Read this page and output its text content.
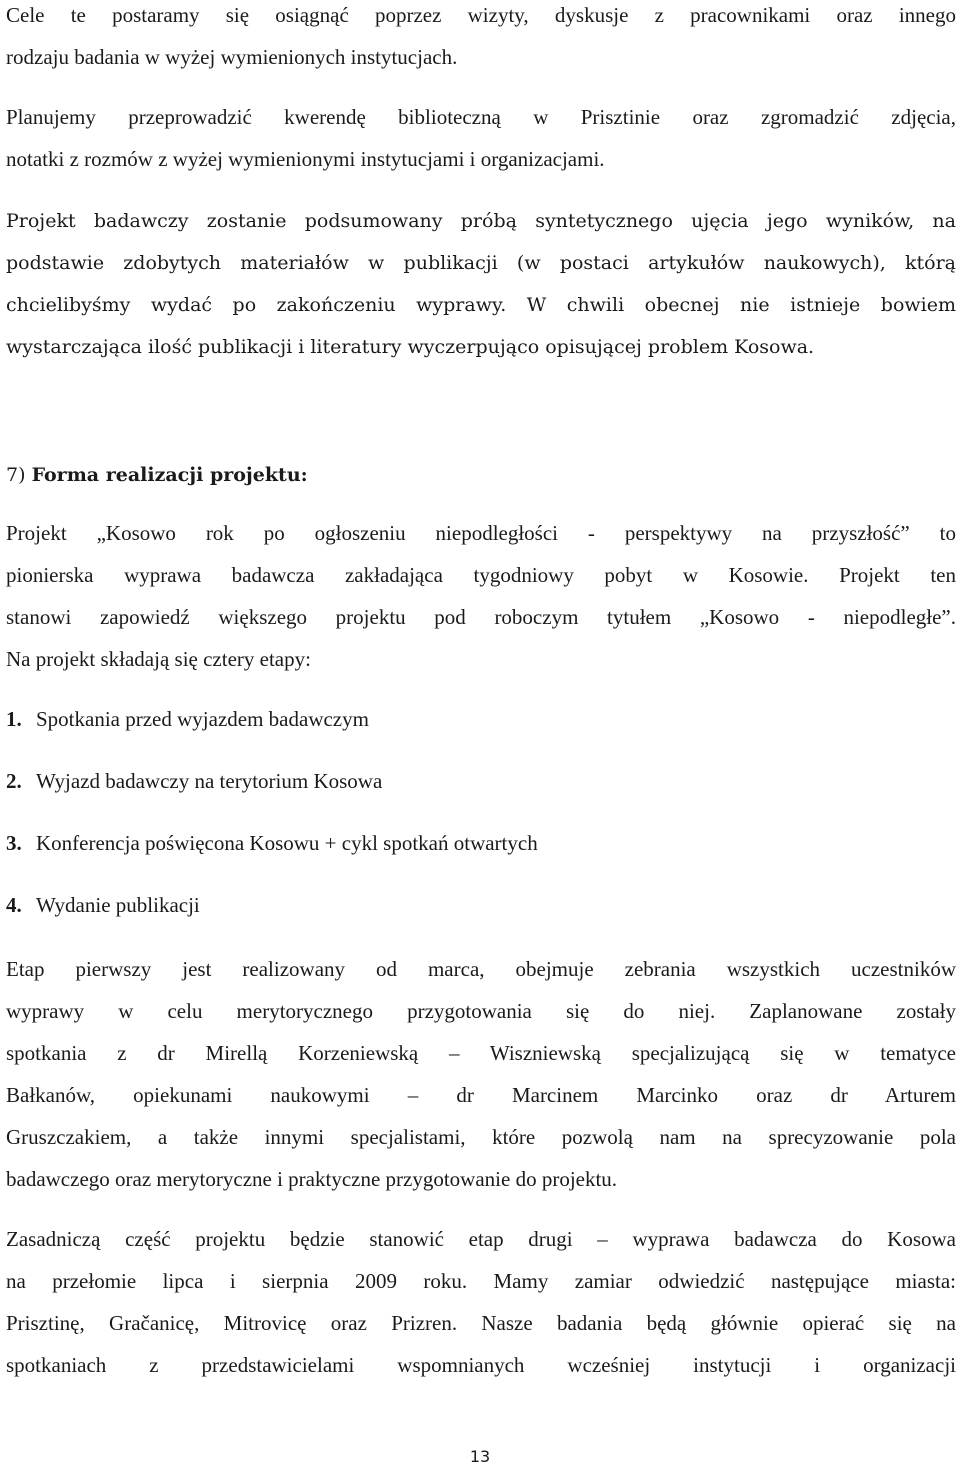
Cele te postaramy się osiągnąć poprzez wizyty, dyskusje z pracownikami oraz innego
rodzaju badania w wyżej wymienionych instytucjach.
Planujemy przeprowadzić kwerendę biblioteczną w Prisztinie oraz zgromadzić zdjęcia,
notatki z rozmów z wyżej wymienionymi instytucjami i organizacjami.
Projekt badawczy zostanie podsumowany próbą syntetycznego ujęcia jego wyników, na
podstawie zdobytych materiałów w publikacji (w postaci artykułów naukowych), którą
chcielibyśmy wydać po zakończeniu wyprawy. W chwili obecnej nie istnieje bowiem
wystarczająca ilość publikacji i literatury wyczerpująco opisującej problem Kosowa.
7) Forma realizacji projektu:
Projekt „Kosowo rok po ogłoszeniu niepodległości - perspektywy na przyszłość” to
pionierska wyprawa badawcza zakładająca tygodniowy pobyt w Kosowie. Projekt ten
stanowi zapowiedź większego projektu pod roboczym tytułem „Kosowo - niepodległe”.
Na projekt składają się cztery etapy:
1. Spotkania przed wyjazdem badawczym
2. Wyjazd badawczy na terytorium Kosowa
3. Konferencja poświęcona Kosowu + cykl spotkań otwartych
4. Wydanie publikacji
Etap pierwszy jest realizowany od marca, obejmuje zebrania wszystkich uczestników
wyprawy w celu merytorycznego przygotowania się do niej. Zaplanowane zostały
spotkania z dr Mirellą Korzeniewską – Wiszniewską specjalizującą się w tematyce
Bałkanów, opiekunami naukowymi – dr Marcinem Marcinko oraz dr Arturem
Gruszczakiem, a także innymi specjalistami, które pozwolą nam na sprecyzowanie pola
badawczego oraz merytoryczne i praktyczne przygotowanie do projektu.
Zasadniczą część projektu będzie stanowić etap drugi – wyprawa badawcza do Kosowa
na przełomie lipca i sierpnia 2009 roku. Mamy zamiar odwiedzić następujące miasta:
Prisztinę, Gračanicę, Mitrovicę oraz Prizren. Nasze badania będą głównie opierać się na
spotkaniach z przedstawicielami wspomnianych wcześniej instytucji i organizacji
13
